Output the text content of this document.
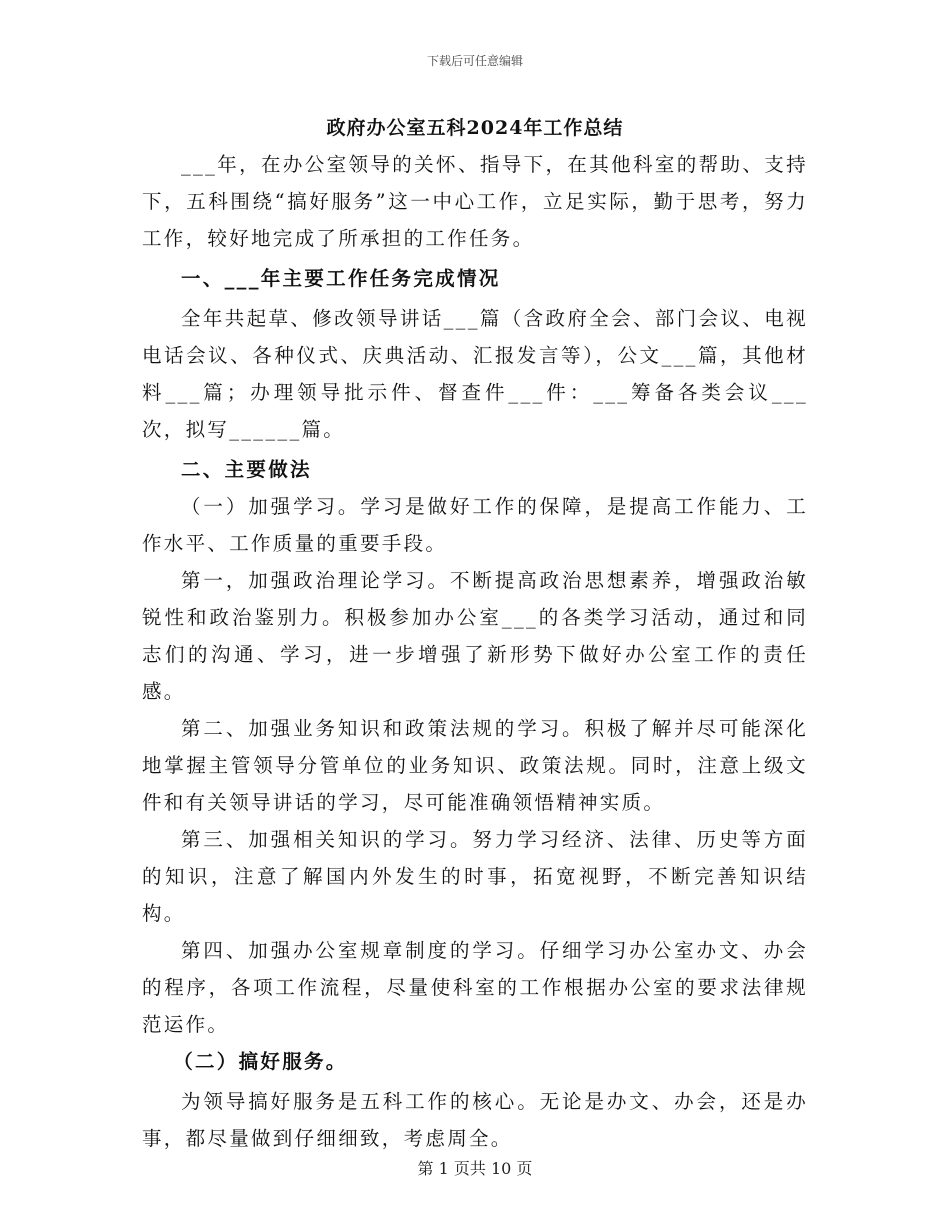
下载后可任意编辑
政府办公室五科2024年工作总结

___年，在办公室领导的关怀、指导下，在其他科室的帮助、支持下，五科围绕“搞好服务”这一中心工作，立足实际，勤于思考，努力工作，较好地完成了所承担的工作任务。

一、___年主要工作任务完成情况

全年共起草、修改领导讲话___篇（含政府全会、部门会议、电视电话会议、各种仪式、庆典活动、汇报发言等），公文___篇，其他材料___篇；办理领导批示件、督查件___件：___筹备各类会议___次，拟写______篇。

二、主要做法

（一）加强学习。学习是做好工作的保障，是提高工作能力、工作水平、工作质量的重要手段。

第一，加强政治理论学习。不断提高政治思想素养，增强政治敏锐性和政治鉴别力。积极参加办公室___的各类学习活动，通过和同志们的沟通、学习，进一步增强了新形势下做好办公室工作的责任感。

第二、加强业务知识和政策法规的学习。积极了解并尽可能深化地掌握主管领导分管单位的业务知识、政策法规。同时，注意上级文件和有关领导讲话的学习，尽可能准确领悟精神实质。

第三、加强相关知识的学习。努力学习经济、法律、历史等方面的知识，注意了解国内外发生的时事，拓宽视野，不断完善知识结构。

第四、加强办公室规章制度的学习。仔细学习办公室办文、办会的程序，各项工作流程，尽量使科室的工作根据办公室的要求法律规范运作。

（二）搞好服务。

为领导搞好服务是五科工作的核心。无论是办文、办会，还是办事，都尽量做到仔细细致，考虑周全。

第 1 页共 10 页
